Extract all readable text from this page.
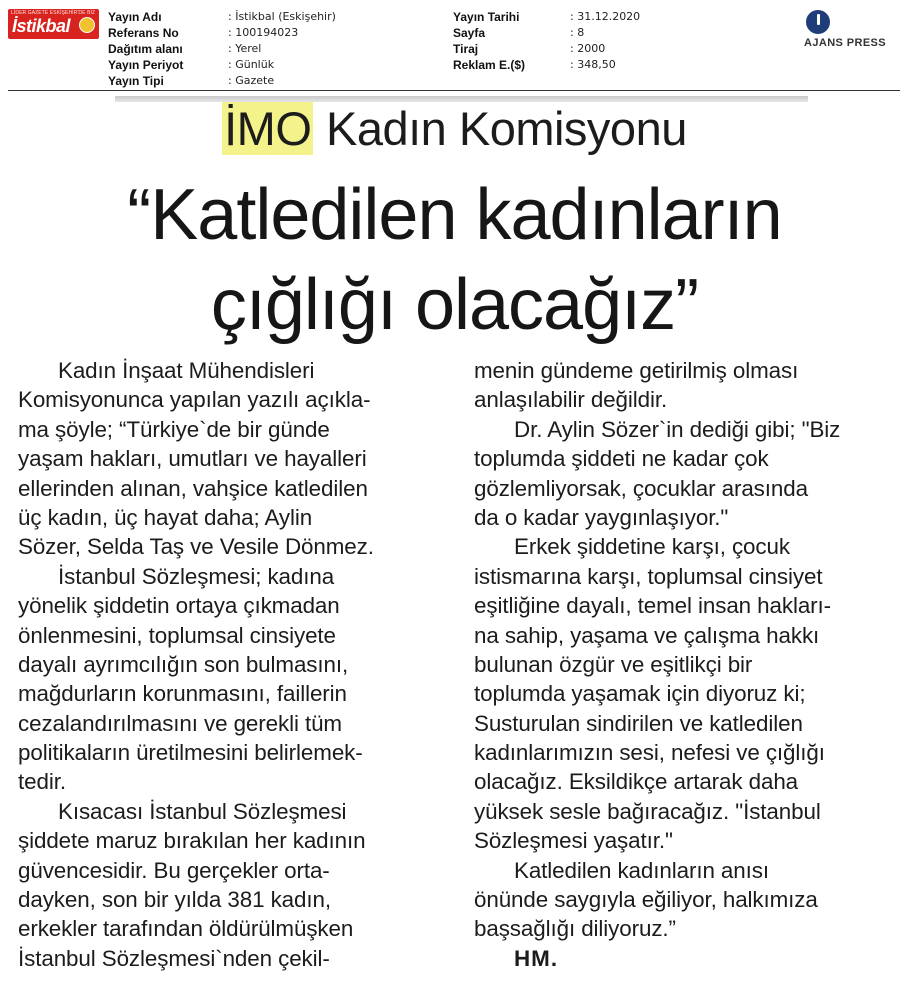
LİDER GAZETE ESKİŞEHİR'DE BİZ
İstikbal	Yayın Adı	: İstikbal (Eskişehir)
Referans No	: 100194023
Dağıtım alanı	: Yerel
Yayın Periyot	: Günlük
Yayın Tipi	: Gazete
Yayın Tarihi	: 31.12.2020
Sayfa	: 8
Tiraj	: 2000
Reklam E.($)	: 348,50
AJANS PRESS
İMO Kadın Komisyonu
“Katledilen kadınların
çığlığı olacağız”
Kadın İnşaat Mühendisleri
Komisyonunca yapılan yazılı açıkla-
ma şöyle; “Türkiye`de bir günde
yaşam hakları, umutları ve hayalleri
ellerinden alınan, vahşice katledilen
üç kadın, üç hayat daha; Aylin
Sözer, Selda Taş ve Vesile Dönmez.
İstanbul Sözleşmesi; kadına
yönelik şiddetin ortaya çıkmadan
önlenmesini, toplumsal cinsiyete
dayalı ayrımcılığın son bulmasını,
mağdurların korunmasını, faillerin
cezalandırılmasını ve gerekli tüm
politikaların üretilmesini belirlemek-
tedir.
Kısacası İstanbul Sözleşmesi
şiddete maruz bırakılan her kadının
güvencesidir. Bu gerçekler orta-
dayken, son bir yılda 381 kadın,
erkekler tarafından öldürülmüşken
İstanbul Sözleşmesi`nden çekil-
menin gündeme getirilmiş olması
anlaşılabilir değildir.
Dr. Aylin Sözer`in dediği gibi; "Biz
toplumda şiddeti ne kadar çok
gözlemliyorsak, çocuklar arasında
da o kadar yaygınlaşıyor."
Erkek şiddetine karşı, çocuk
istismarına karşı, toplumsal cinsiyet
eşitliğine dayalı, temel insan hakları-
na sahip, yaşama ve çalışma hakkı
bulunan özgür ve eşitlikçi bir
toplumda yaşamak için diyoruz ki;
Susturulan sindirilen ve katledilen
kadınlarımızın sesi, nefesi ve çığlığı
olacağız. Eksildikçe artarak daha
yüksek sesle bağıracağız. "İstanbul
Sözleşmesi yaşatır."
Katledilen kadınların anısı
önünde saygıyla eğiliyor, halkımıza
başsağlığı diliyoruz.”
HM.
